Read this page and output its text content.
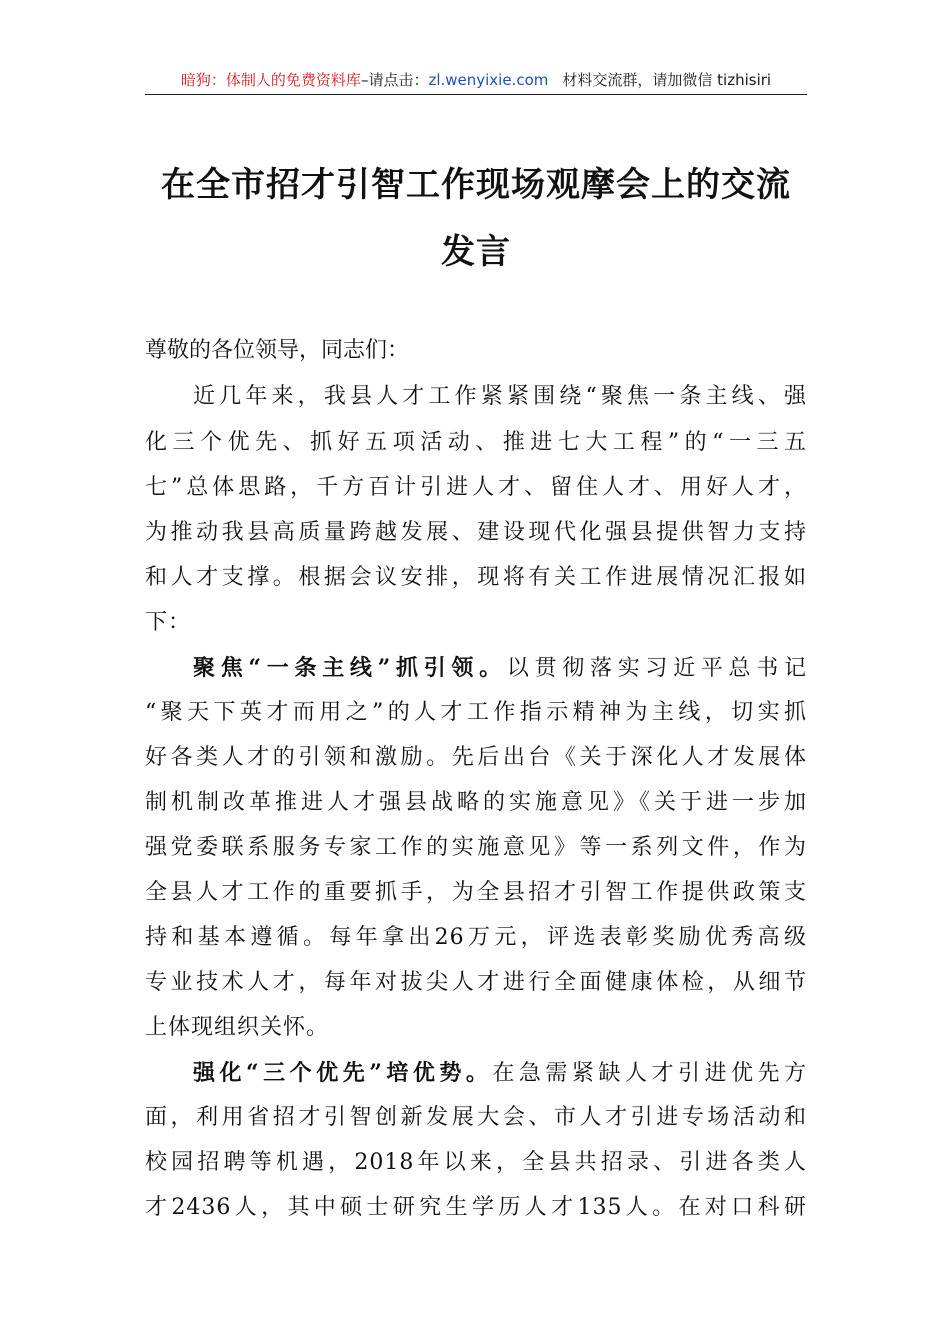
暗狗：体制人的免费资料库–请点击：zl.wenyixie.com 材料交流群，请加微信 tizhisiri
在全市招才引智工作现场观摩会上的交流
发言

尊敬的各位领导，同志们：

近几年来，我县人才工作紧紧围绕“聚焦一条主线、强

化三个优先、抓好五项活动、推进七大工程”的“一三五

七”总体思路，千方百计引进人才、留住人才、用好人才，

为推动我县高质量跨越发展、建设现代化强县提供智力支持

和人才支撑。根据会议安排，现将有关工作进展情况汇报如

下：

聚焦“一条主线”抓引领。以贯彻落实习近平总书记

“聚天下英才而用之”的人才工作指示精神为主线，切实抓

好各类人才的引领和激励。先后出台《关于深化人才发展体

制机制改革推进人才强县战略的实施意见》《关于进一步加

强党委联系服务专家工作的实施意见》等一系列文件，作为

全县人才工作的重要抓手，为全县招才引智工作提供政策支

持和基本遵循。每年拿出26万元，评选表彰奖励优秀高级

专业技术人才，每年对拔尖人才进行全面健康体检，从细节

上体现组织关怀。

强化“三个优先”培优势。在急需紧缺人才引进优先方

面，利用省招才引智创新发展大会、市人才引进专场活动和

校园招聘等机遇，2018年以来，全县共招录、引进各类人

才2436人，其中硕士研究生学历人才135人。在对口科研
